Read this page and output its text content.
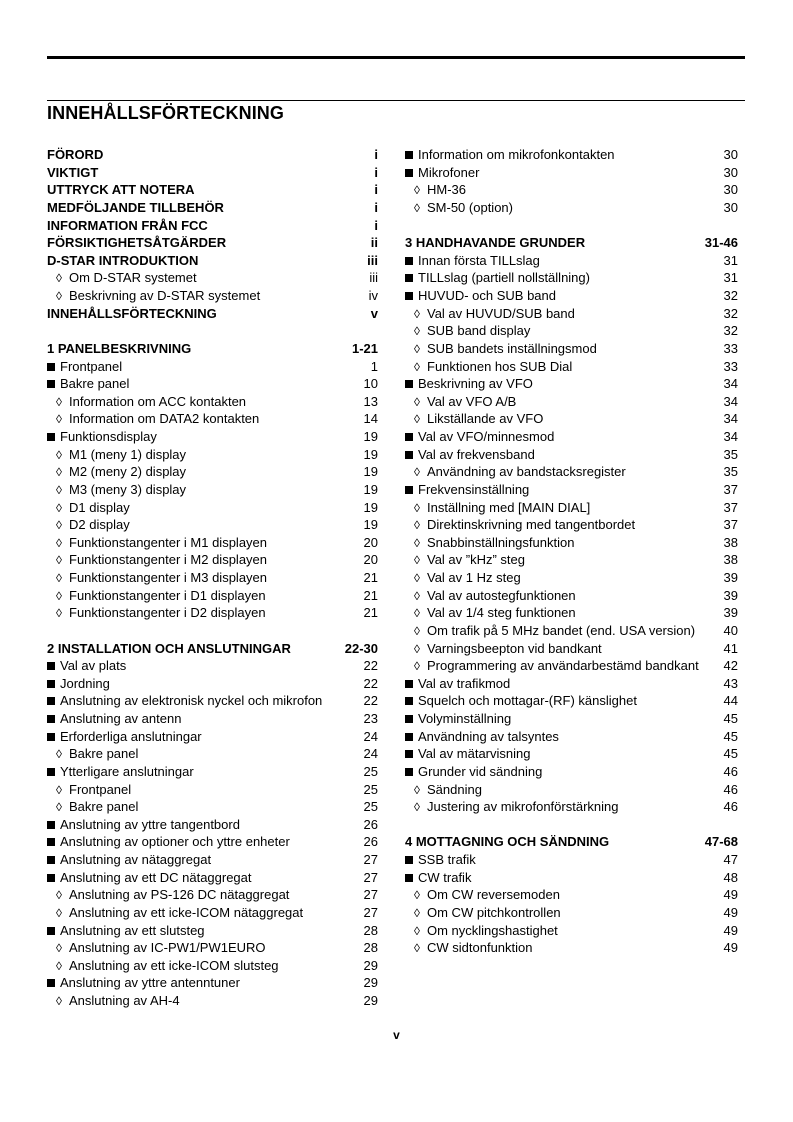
INNEHÅLLSFÖRTECKNING
FÖRORD	i
VIKTIGT	i
UTTRYCK ATT NOTERA	i
MEDFÖLJANDE TILLBEHÖR	i
INFORMATION FRÅN FCC	i
FÖRSIKTIGHETSÅTGÄRDER	ii
D-STAR INTRODUKTION	iii
◊ Om D-STAR systemet	iii
◊ Beskrivning av D-STAR systemet	iv
INNEHÅLLSFÖRTECKNING	v
1 PANELBESKRIVNING	1-21
Frontpanel	1
Bakre panel	10
◊ Information om ACC kontakten	13
◊ Information om DATA2 kontakten	14
Funktionsdisplay	19
◊ M1 (meny 1) display	19
◊ M2 (meny 2) display	19
◊ M3 (meny 3) display	19
◊ D1 display	19
◊ D2 display	19
◊ Funktionstangenter i M1 displayen	20
◊ Funktionstangenter i M2 displayen	20
◊ Funktionstangenter i M3 displayen	21
◊ Funktionstangenter i D1 displayen	21
◊ Funktionstangenter i D2 displayen	21
2 INSTALLATION OCH ANSLUTNINGAR	22-30
Val av plats	22
Jordning	22
Anslutning av elektronisk nyckel och mikrofon	22
Anslutning av antenn	23
Erforderliga anslutningar	24
◊ Bakre panel	24
Ytterligare anslutningar	25
◊ Frontpanel	25
◊ Bakre panel	25
Anslutning av yttre tangentbord	26
Anslutning av optioner och yttre enheter	26
Anslutning av nätaggregat	27
Anslutning av ett DC nätaggregat	27
◊ Anslutning av PS-126 DC nätaggregat	27
◊ Anslutning av ett icke-ICOM nätaggregat	27
Anslutning av ett slutsteg	28
◊ Anslutning av IC-PW1/PW1EURO	28
◊ Anslutning av ett icke-ICOM slutsteg	29
Anslutning av yttre antenntuner	29
◊ Anslutning av AH-4	29
Information om mikrofonkontakten	30
Mikrofoner	30
◊ HM-36	30
◊ SM-50 (option)	30
3 HANDHAVANDE GRUNDER	31-46
Innan första TILLslag	31
TILLslag (partiell nollställning)	31
HUVUD- och SUB band	32
◊ Val av HUVUD/SUB band	32
◊ SUB band display	32
◊ SUB bandets inställningsmod	33
◊ Funktionen hos SUB Dial	33
Beskrivning av VFO	34
◊ Val av VFO A/B	34
◊ Likställande av VFO	34
Val av VFO/minnesmod	34
Val av frekvensband	35
◊ Användning av bandstacksregister	35
Frekvensinställning	37
◊ Inställning med [MAIN DIAL]	37
◊ Direktinskrivning med tangentbordet	37
◊ Snabbinställningsfunktion	38
◊ Val av ”kHz” steg	38
◊ Val av 1 Hz steg	39
◊ Val av autostegfunktionen	39
◊ Val av 1/4 steg funktionen	39
◊ Om trafik på 5 MHz bandet (end. USA version) 40
◊ Varningsbeepton vid bandkant	41
◊ Programmering av användarbestämd bandkant 42
Val av trafikmod	43
Squelch och mottagar-(RF) känslighet	44
Volyminställning	45
Användning av talsyntes	45
Val av mätarvisning	45
Grunder vid sändning	46
◊ Sändning	46
◊ Justering av mikrofonförstärkning	46
4 MOTTAGNING OCH SÄNDNING	47-68
SSB trafik	47
CW trafik	48
◊ Om CW reversemoden	49
◊ Om CW pitchkontrollen	49
◊ Om nycklingshastighet	49
◊ CW sidtonfunktion	49
v
